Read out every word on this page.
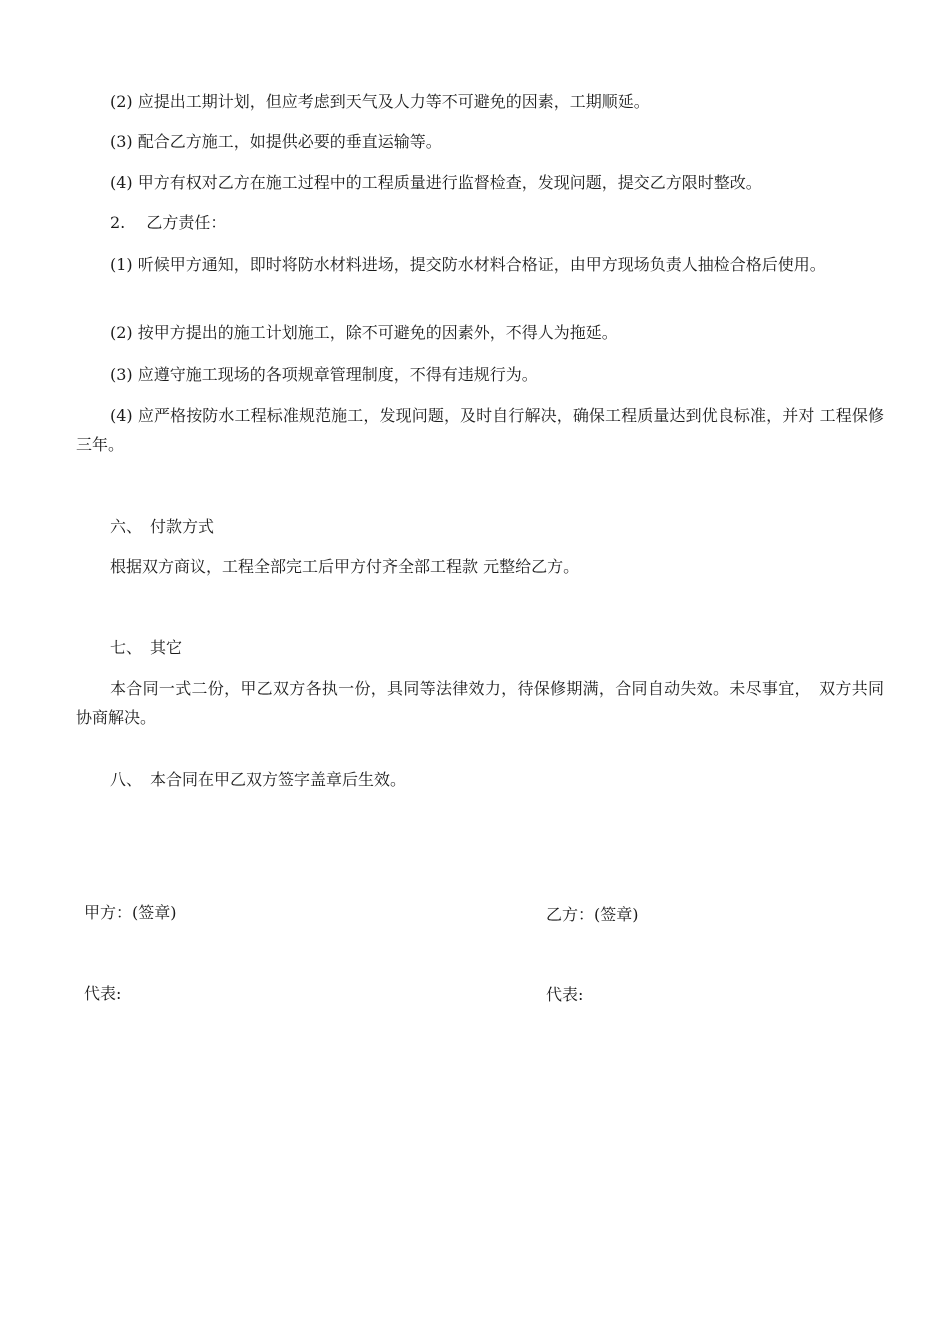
(2) 应提出工期计划，但应考虑到天气及人力等不可避免的因素，工期顺延。
(3) 配合乙方施工，如提供必要的垂直运输等。
(4) 甲方有权对乙方在施工过程中的工程质量进行监督检查，发现问题，提交乙方限时整改。
2.　 乙方责任：
(1) 听候甲方通知，即时将防水材料进场，提交防水材料合格证，由甲方现场负责人抽检合格后使用。
(2) 按甲方提出的施工计划施工，除不可避免的因素外，不得人为拖延。
(3) 应遵守施工现场的各项规章管理制度，不得有违规行为。
(4) 应严格按防水工程标准规范施工，发现问题，及时自行解决，确保工程质量达到优良标准，并对 工程保修三年。
六、　付款方式
根据双方商议，工程全部完工后甲方付齐全部工程款 元整给乙方。
七、　其它
本合同一式二份，甲乙双方各执一份，具同等法律效力，待保修期满，合同自动失效。未尽事宜，　双方共同协商解决。
八、　本合同在甲乙双方签字盖章后生效。
甲方：(签章)	乙方：(签章)
代表:	代表:
